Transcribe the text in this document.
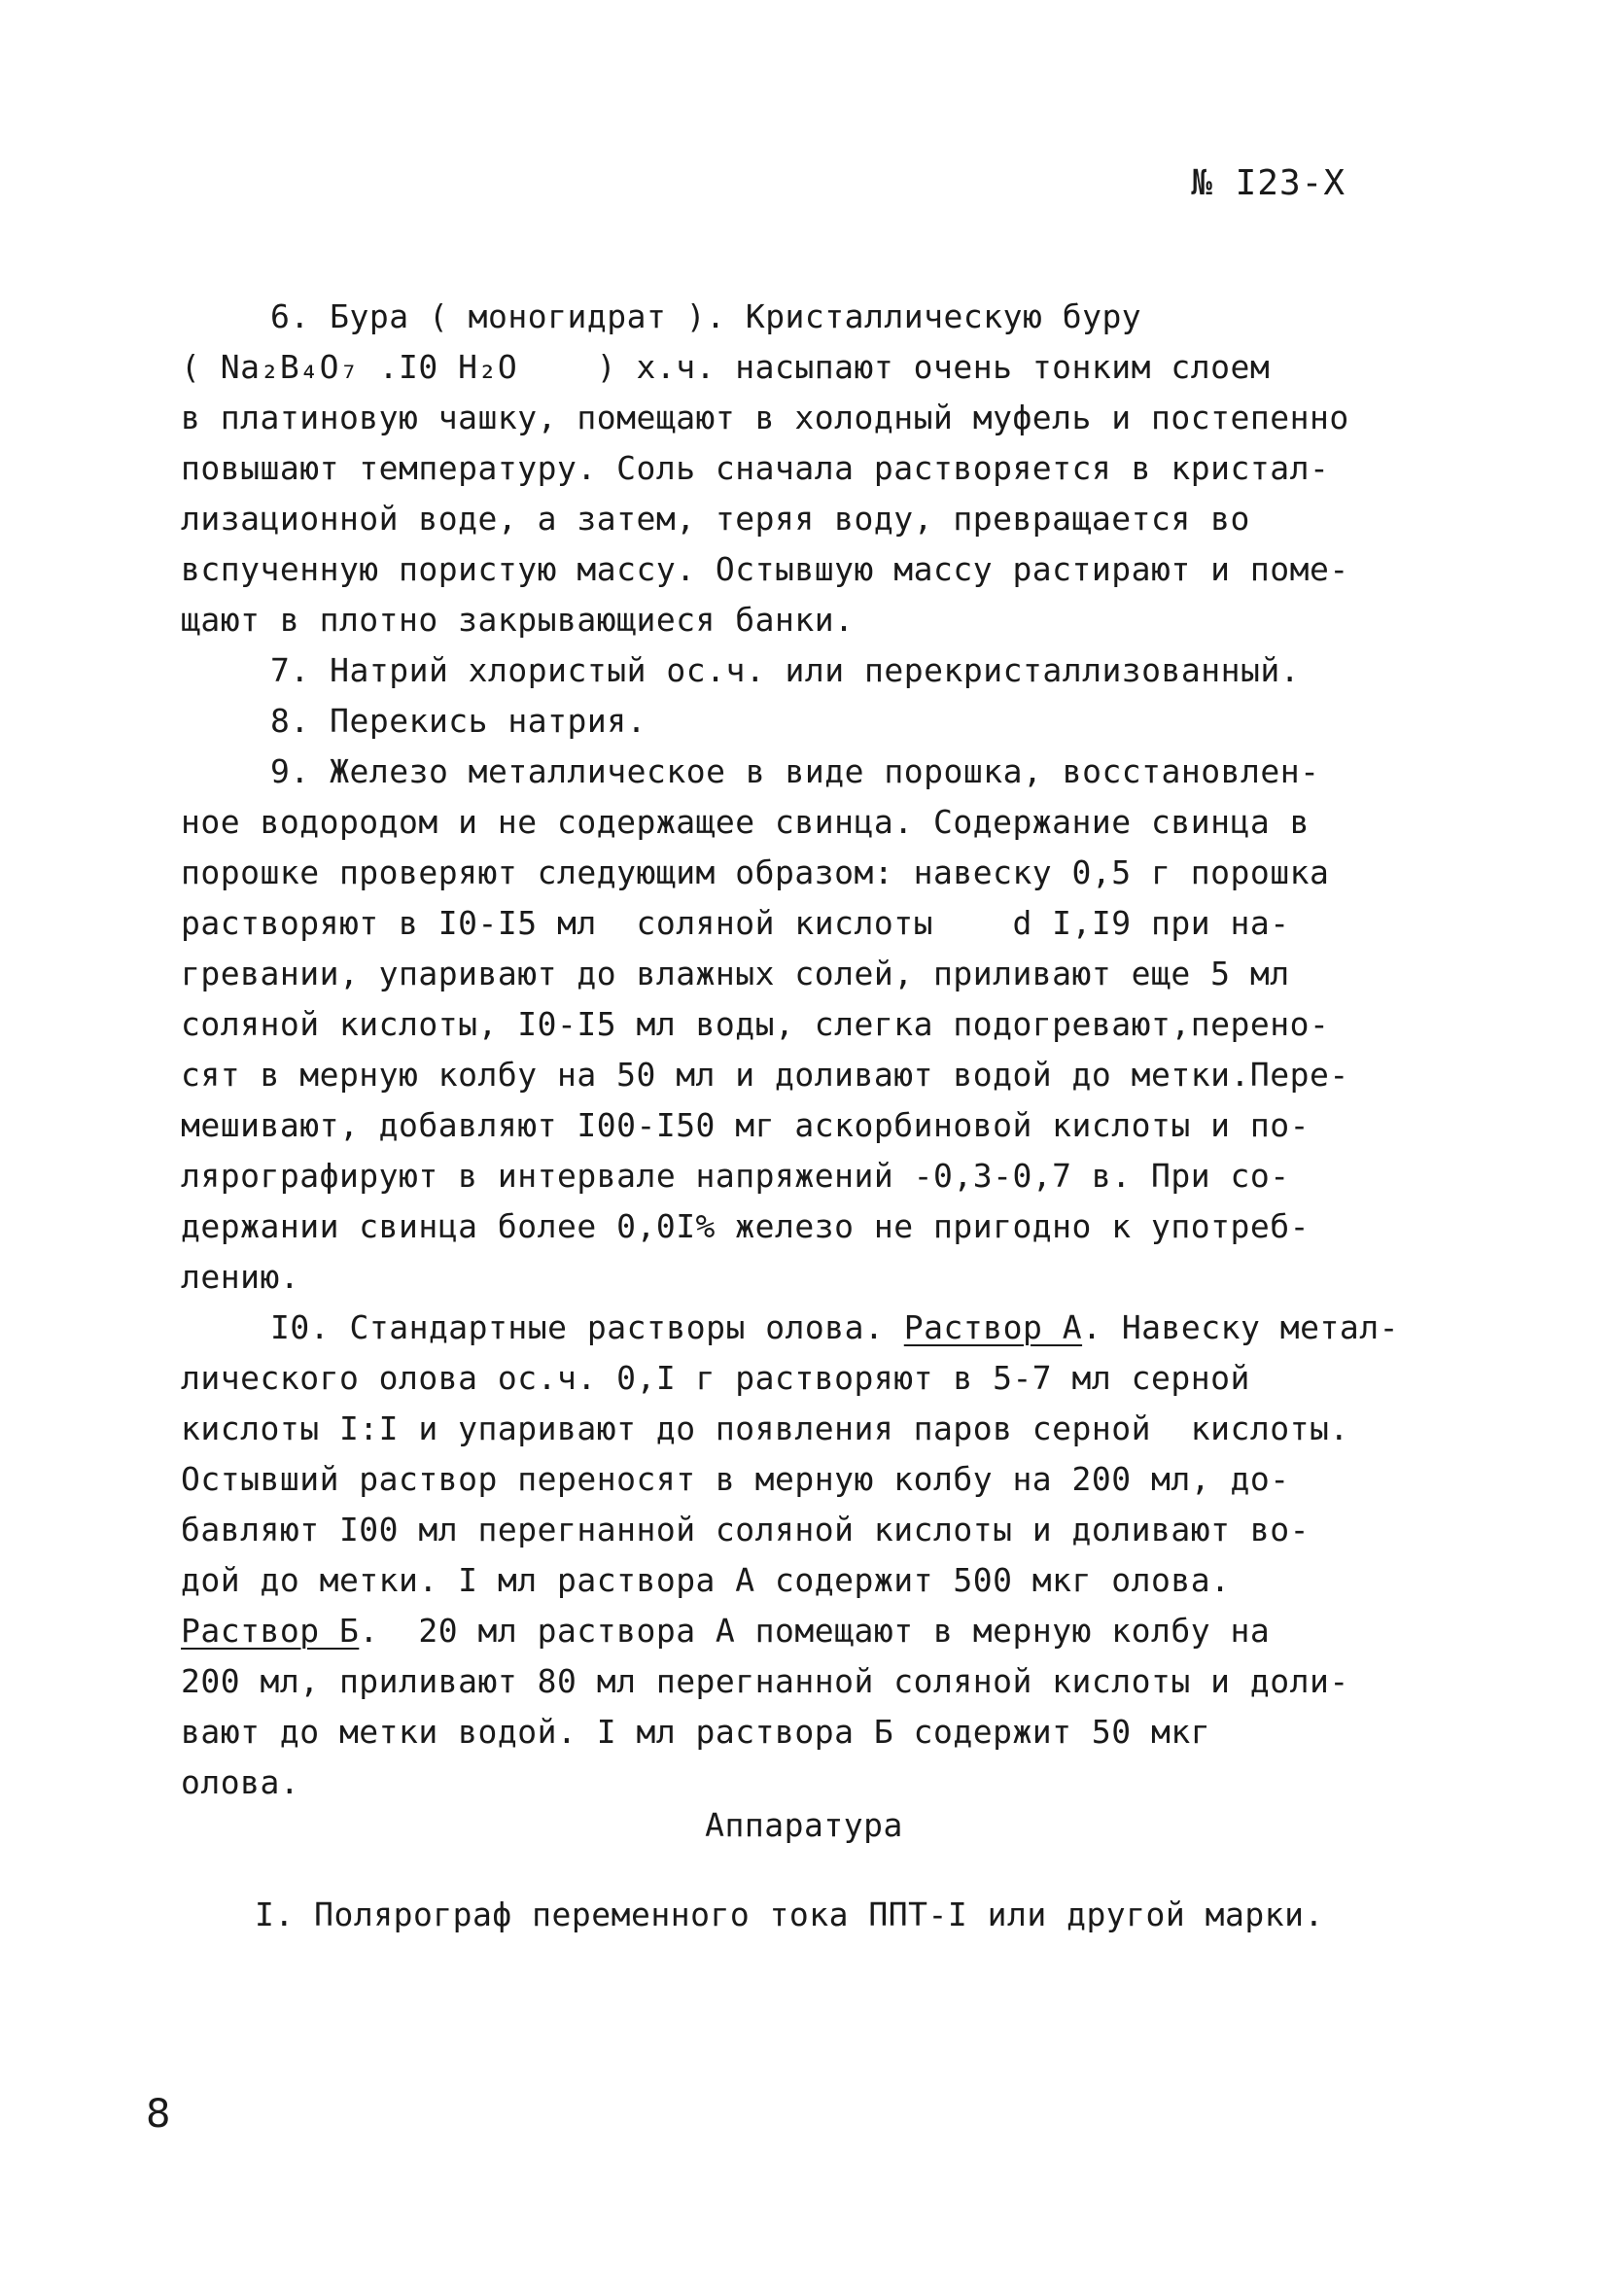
№ I23-X
6. Бура ( моногидрат ). Кристаллическую буру
( Na₂B₄O₇ .I0 H₂O    ) х.ч. насыпают очень тонким слоем
в платиновую чашку, помещают в холодный муфель и постепенно
повышают температуру. Соль сначала растворяется в кристал-
лизационной воде, а затем, теряя воду, превращается во
вспученную пористую массу. Остывшую массу растирают и поме-
щают в плотно закрывающиеся банки.
7. Натрий хлористый ос.ч. или перекристаллизованный.
8. Перекись натрия.
9. Железо металлическое в виде порошка, восстановлен-
ное водородом и не содержащее свинца. Содержание свинца в
порошке проверяют следующим образом: навеску 0,5 г порошка
растворяют в I0-I5 мл  соляной кислоты    d I,I9 при на-
гревании, упаривают до влажных солей, приливают еще 5 мл
соляной кислоты, I0-I5 мл воды, слегка подогревают,перено-
сят в мерную колбу на 50 мл и доливают водой до метки.Пере-
мешивают, добавляют I00-I50 мг аскорбиновой кислоты и по-
лярографируют в интервале напряжений -0,3-0,7 в. При со-
держании свинца более 0,0I% железо не пригодно к употреб-
лению.
I0. Стандартные растворы олова. Раствор А. Навеску метал-
лического олова ос.ч. 0,I г растворяют в 5-7 мл серной
кислоты I:I и упаривают до появления паров серной  кислоты.
Остывший раствор переносят в мерную колбу на 200 мл, до-
бавляют I00 мл перегнанной соляной кислоты и доливают во-
дой до метки. I мл раствора А содержит 500 мкг олова.
Раствор Б.  20 мл раствора А помещают в мерную колбу на
200 мл, приливают 80 мл перегнанной соляной кислоты и доли-
вают до метки водой. I мл раствора Б содержит 50 мкг
олова.
Аппаратура
I. Полярограф переменного тока ППТ-I или другой марки.
8
